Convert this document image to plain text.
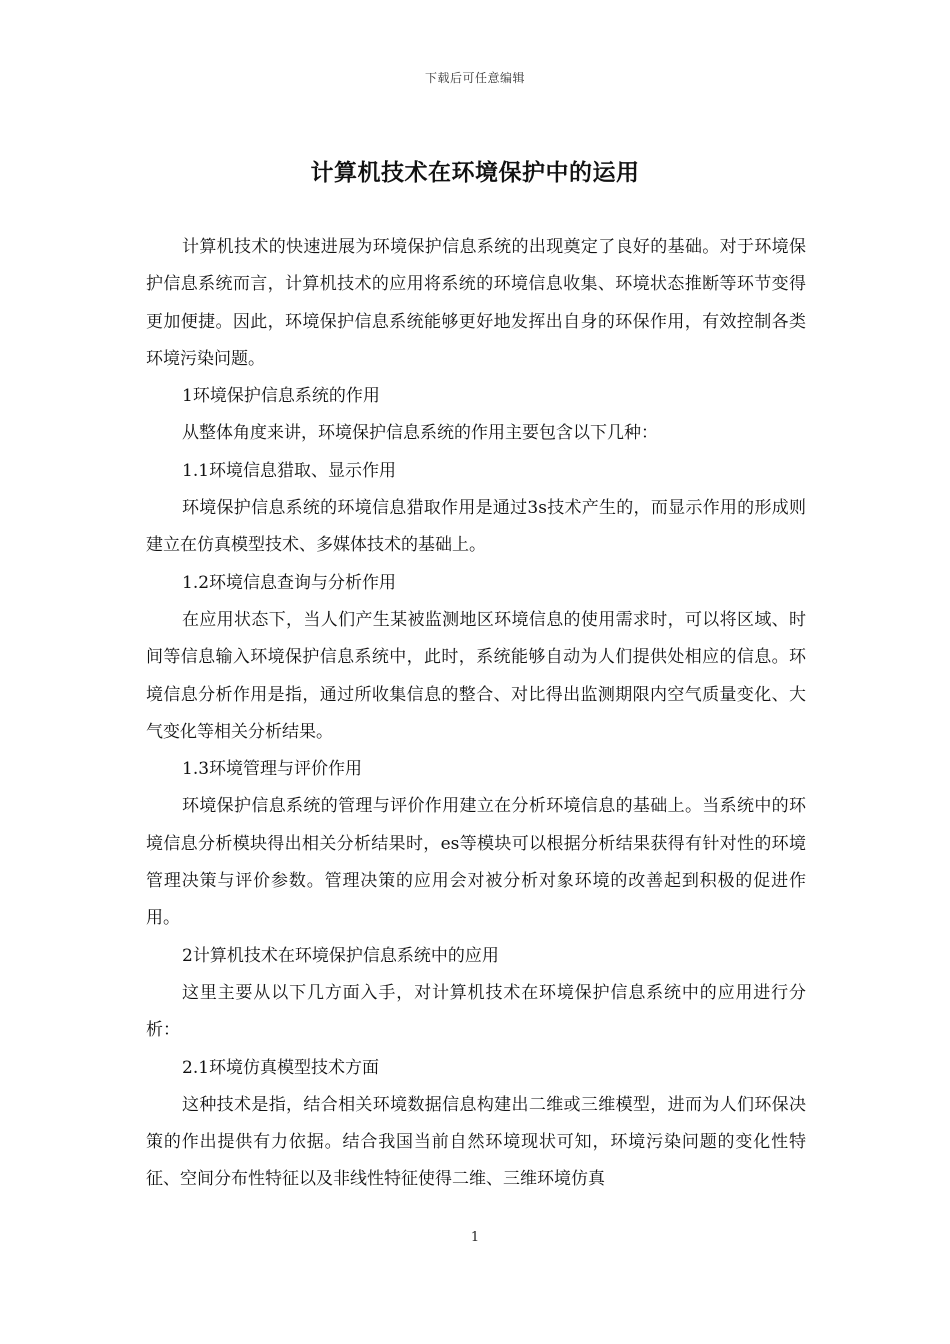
下载后可任意编辑
计算机技术在环境保护中的运用

计算机技术的快速进展为环境保护信息系统的出现奠定了良好的基础。对于环境保护信息系统而言，计算机技术的应用将系统的环境信息收集、环境状态推断等环节变得更加便捷。因此，环境保护信息系统能够更好地发挥出自身的环保作用，有效控制各类环境污染问题。

1环境保护信息系统的作用

从整体角度来讲，环境保护信息系统的作用主要包含以下几种：

1.1环境信息猎取、显示作用

环境保护信息系统的环境信息猎取作用是通过3s技术产生的，而显示作用的形成则建立在仿真模型技术、多媒体技术的基础上。

1.2环境信息查询与分析作用

在应用状态下，当人们产生某被监测地区环境信息的使用需求时，可以将区域、时间等信息输入环境保护信息系统中，此时，系统能够自动为人们提供处相应的信息。环境信息分析作用是指，通过所收集信息的整合、对比得出监测期限内空气质量变化、大气变化等相关分析结果。

1.3环境管理与评价作用

环境保护信息系统的管理与评价作用建立在分析环境信息的基础上。当系统中的环境信息分析模块得出相关分析结果时，es等模块可以根据分析结果获得有针对性的环境管理决策与评价参数。管理决策的应用会对被分析对象环境的改善起到积极的促进作用。

2计算机技术在环境保护信息系统中的应用

这里主要从以下几方面入手，对计算机技术在环境保护信息系统中的应用进行分析：

2.1环境仿真模型技术方面

这种技术是指，结合相关环境数据信息构建出二维或三维模型，进而为人们环保决策的作出提供有力依据。结合我国当前自然环境现状可知，环境污染问题的变化性特征、空间分布性特征以及非线性特征使得二维、三维环境仿真

1
